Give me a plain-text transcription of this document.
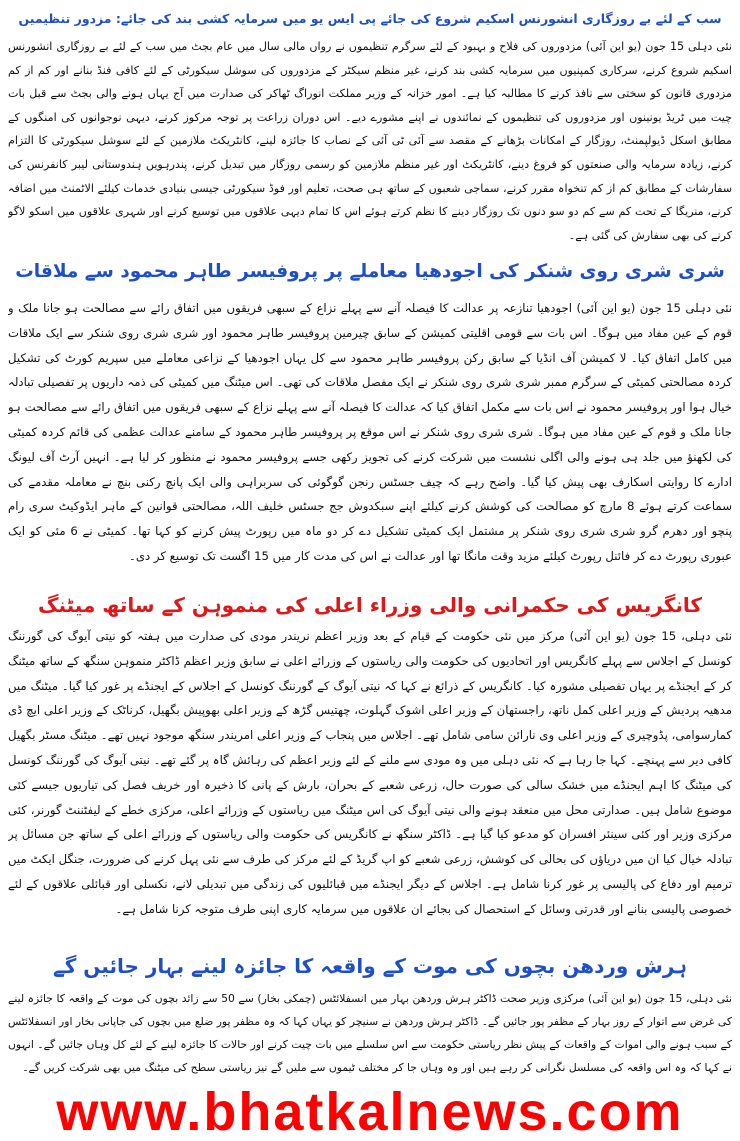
سب کے لئے بے روزگاری انشورنس اسکیم شروع کی جائے پی ایس یو میں سرمایہ کشی بند کی جائے: مزدور تنظیمیں

نئی دہلی 15 جون (یو این آئی) مزدوروں کی فلاح و بہبود کے لئے سرگرم تنظیموں نے رواں مالی سال میں عام بجٹ میں سب کے لئے بے روزگاری انشورنس اسکیم شروع کرنے، سرکاری کمپنیوں میں سرمایہ کشی بند کرنے، غیر منظم سیکٹر کے مزدوروں کی سوشل سیکورٹی کے لئے کافی فنڈ بنانے اور کم از کم مزدوری قانون کو سختی سے نافذ کرنے کا مطالبہ کیا ہے۔ امور خزانہ کے وزیر مملکت انوراگ ٹھاکر کی صدارت میں آج یہاں ہونے والی بجٹ سے قبل بات چیت میں ٹریڈ یونینوں اور مزدوروں کی تنظیموں کے نمائندوں نے اپنے مشورے دیے۔ اس دوران زراعت پر توجہ مرکوز کرنے، دیہی نوجوانوں کی امنگوں کے مطابق اسکل ڈیولپمنٹ، روزگار کے امکانات بڑھانے کے مقصد سے آئی ٹی آئی کے نصاب کا جائزہ لینے، کانٹریکٹ ملازمین کے لئے سوشل سیکورٹی کا التزام کرنے، زیادہ سرمایہ والی صنعتوں کو فروغ دینے، کانٹریکٹ اور غیر منظم ملازمین کو رسمی روزگار میں تبدیل کرنے، پندرہویں ہندوستانی لیبر کانفرنس کی سفارشات کے مطابق کم از کم تنخواہ مقرر کرنے، سماجی شعبوں کے ساتھ ہی صحت، تعلیم اور فوڈ سیکورٹی جیسی بنیادی خدمات کیلئے الاٹمنٹ میں اضافہ کرنے، منریگا کے تحت کم سے کم دو سو دنوں تک روزگار دینے کا نظم کرتے ہوئے اس کا تمام دیہی علاقوں میں توسیع کرنے اور شہری علاقوں میں اسکو لاگو کرنے کی بھی سفارش کی گئی ہے۔

شری شری روی شنکر کی اجودھیا معاملے پر پروفیسر طاہر محمود سے ملاقات

نئی دہلی 15 جون (یو این آئی) اجودھیا تنازعہ پر عدالت کا فیصلہ آنے سے پہلے نزاع کے سبھی فریقوں میں اتفاق رائے سے مصالحت ہو جانا ملک و قوم کے عین مفاد میں ہوگا۔ اس بات سے قومی اقلیتی کمیشن کے سابق چیرمین پروفیسر طاہر محمود اور شری شری روی شنکر سے ایک ملاقات میں کامل اتفاق کیا۔ لا کمیشن آف انڈیا کے سابق رکن پروفیسر طاہر محمود سے کل یہاں اجودھیا کے نزاعی معاملے میں سپریم کورٹ کی تشکیل کردہ مصالحتی کمیٹی کے سرگرم ممبر شری شری روی شنکر نے ایک مفصل ملاقات کی تھی۔ اس میٹنگ میں کمیٹی کی ذمہ داریوں پر تفصیلی تبادلہ خیال ہوا اور پروفیسر محمود نے اس بات سے مکمل اتفاق کیا کہ عدالت کا فیصلہ آنے سے پہلے نزاع کے سبھی فریقوں میں اتفاق رائے سے مصالحت ہو جانا ملک و قوم کے عین مفاد میں ہوگا۔ شری شری روی شنکر نے اس موقع پر پروفیسر طاہر محمود کے سامنے عدالت عظمی کی قائم کردہ کمیٹی کی لکھنؤ میں جلد ہی ہونے والی اگلی نشست میں شرکت کرنے کی تجویز رکھی جسے پروفیسر محمود نے منظور کر لیا ہے۔ انہیں آرٹ آف لیونگ ادارے کا روایتی اسکارف بھی پیش کیا گیا۔ واضح رہے کہ چیف جسٹس رنجن گوگوئی کی سربراہی والی ایک پانچ رکنی بنچ نے معاملہ مقدمے کی سماعت کرتے ہوئے 8 مارچ کو مصالحت کی کوشش کرنے کیلئے اپنے سبکدوش جج جسٹس خلیف اللہ، مصالحتی قوانین کے ماہر ایڈوکیٹ سری رام پنچو اور دھرم گرو شری شری روی شنکر پر مشتمل ایک کمیٹی تشکیل دے کر دو ماہ میں رپورٹ پیش کرنے کو کہا تھا۔ کمیٹی نے 6 مئی کو ایک عبوری رپورٹ دے کر فائنل رپورٹ کیلئے مزید وقت مانگا تھا اور عدالت نے اس کی مدت کار میں 15 اگست تک توسیع کر دی۔

کانگریس کی حکمرانی والی وزراء اعلی کی منموہن کے ساتھ میٹنگ

نئی دہلی، 15 جون (یو این آئی) مرکز میں نئی حکومت کے قیام کے بعد وزیر اعظم نریندر مودی کی صدارت میں ہفتہ کو نیتی آیوگ کی گورننگ کونسل کے اجلاس سے پہلے کانگریس اور اتحادیوں کی حکومت والی ریاستوں کے وزرائے اعلی نے سابق وزیر اعظم ڈاکٹر منموہن سنگھ کے ساتھ میٹنگ کر کے ایجنڈے پر یہاں تفصیلی مشورہ کیا۔ کانگریس کے ذرائع نے کہا کہ نیتی آیوگ کے گورننگ کونسل کے اجلاس کے ایجنڈے پر غور کیا گیا۔ میٹنگ میں مدھیہ پردیش کے وزیر اعلی کمل ناتھ، راجستھان کے وزیر اعلی اشوک گہلوت، چھتیس گڑھ کے وزیر اعلی بھوپیش بگھیل، کرناٹک کے وزیر اعلی ایچ ڈی کمارسوامی، پڈوچیری کے وزیر اعلی وی نارائن سامی شامل تھے۔ اجلاس میں پنجاب کے وزیر اعلی امریندر سنگھ موجود نہیں تھے۔ میٹنگ مسٹر بگھیل کافی دیر سے پہنچے۔ کہا جا رہا ہے کہ نئی دہلی میں وہ مودی سے ملنے کے لئے وزیر اعظم کی رہائش گاہ پر گئے تھے۔ نیتی آیوگ کی گورننگ کونسل کی میٹنگ کا اہم ایجنڈے میں خشک سالی کی صورت حال، زرعی شعبے کے بحران، بارش کے پانی کا ذخیرہ اور خریف فصل کی تیاریوں جیسے کئی موضوع شامل ہیں۔ صدارتی محل میں منعقد ہونے والی نیتی آیوگ کی اس میٹنگ میں ریاستوں کے وزرائے اعلی، مرکزی خطے کے لیفٹننٹ گورنر، کئی مرکزی وزیر اور کئی سینئر افسران کو مدعو کیا گیا ہے۔ ڈاکٹر سنگھ نے کانگریس کی حکومت والی ریاستوں کے وزرائے اعلی کے ساتھ جن مسائل پر تبادلہ خیال کیا ان میں دریاؤں کی بحالی کی کوشش، زرعی شعبے کو اپ گریڈ کے لئے مرکز کی طرف سے نئی پہل کرنے کی ضرورت، جنگل ایکٹ میں ترمیم اور دفاع کی پالیسی پر غور کرنا شامل ہے۔ اجلاس کے دیگر ایجنڈے میں قبائلیوں کی زندگی میں تبدیلی لانے، نکسلی اور قبائلی علاقوں کے لئے خصوصی پالیسی بنانے اور قدرتی وسائل کے استحصال کی بجائے ان علاقوں میں سرمایہ کاری اپنی طرف متوجہ کرنا شامل ہے۔

ہرش وردھن بچوں کی موت کے واقعہ کا جائزہ لینے بہار جائیں گے

نئی دہلی، 15 جون (یو این آئی) مرکزی وزیر صحت ڈاکٹر ہرش وردھن بہار میں انسفلائٹس (چمکی بخار) سے 50 سے زائد بچوں کی موت کے واقعہ کا جائزہ لینے کی غرض سے اتوار کے روز بہار کے مظفر پور جائیں گے۔ ڈاکٹر ہرش وردھن نے سنیچر کو یہاں کہا کہ وہ مظفر پور ضلع میں بچوں کی جاپانی بخار اور انسفلائٹس کے سبب ہونے والی اموات کے واقعات کے پیش نظر ریاستی حکومت سے اس سلسلے میں بات چیت کرنے اور حالات کا جائزہ لینے کے لئے کل وہاں جائیں گے۔ انہوں نے کہا کہ وہ اس واقعہ کی مسلسل نگرانی کر رہے ہیں اور وہ وہاں جا کر مختلف ٹیموں سے ملیں گے نیز ریاستی سطح کی میٹنگ میں بھی شرکت کریں گے۔

www.bhatkalnews.com
